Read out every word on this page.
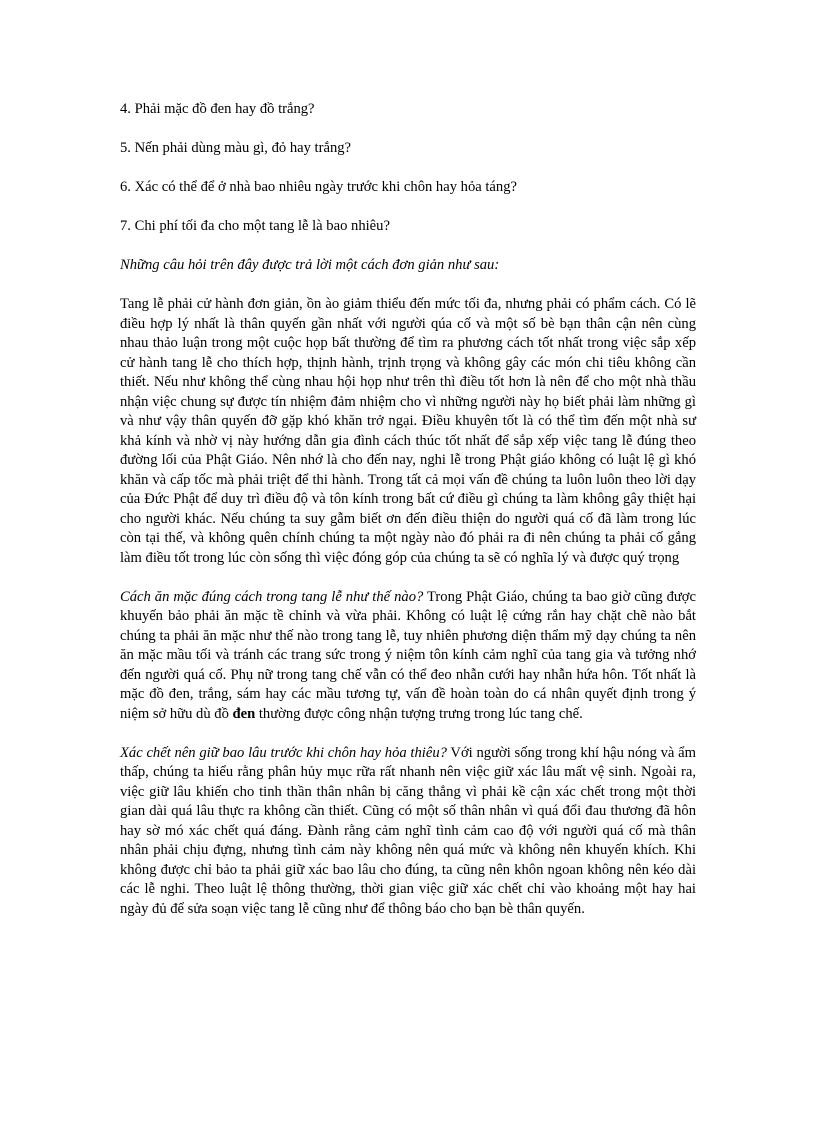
4. Phải mặc đồ đen hay đồ trắng?

5. Nến phải dùng màu gì, đỏ hay trắng?

6. Xác có thể để ở nhà bao nhiêu ngày trước khi chôn hay hỏa táng?

7. Chi phí tối đa cho một tang lễ là bao nhiêu?

Những câu hỏi trên đây được trả lời một cách đơn giản như sau:

Tang lễ phải cử hành đơn giản, ồn ào giảm thiểu đến mức tối đa, nhưng phải có phẩm cách. Có lẽ điều hợp lý nhất là thân quyến gần nhất với người qúa cố và một số bè bạn thân cận nên cùng nhau thảo luận trong một cuộc họp bất thường để tìm ra phương cách tốt nhất trong việc sắp xếp cử hành tang lễ cho thích hợp, thịnh hành, trịnh trọng và không gây các món chi tiêu không cần thiết. Nếu như không thể cùng nhau hội họp như trên thì điều tốt hơn là nên để cho một nhà thầu nhận việc chung sự được tín nhiệm đảm nhiệm cho vì những người này họ biết phải làm những gì và như vậy thân quyến đỡ gặp khó khăn trở ngại. Điều khuyên tốt là có thể tìm đến một nhà sư khả kính và nhờ vị này hướng dẫn gia đình cách thúc tốt nhất để sắp xếp việc tang lễ đúng theo đường lối của Phật Giáo. Nên nhớ là cho đến nay, nghi lễ trong Phật giáo không có luật lệ gì khó khăn và cấp tốc mà phải triệt để thi hành. Trong tất cả mọi vấn đề chúng ta luôn luôn theo lời dạy của Đức Phật để duy trì điều độ và tôn kính trong bất cứ điều gì chúng ta làm không gây thiệt hại cho người khác. Nếu chúng ta suy gẫm biết ơn đến điều thiện do người quá cố đã làm trong lúc còn tại thế, và không quên chính chúng ta một ngày nào đó phải ra đi nên chúng ta phải cố gắng làm điều tốt trong lúc còn sống thì việc đóng góp của chúng ta sẽ có nghĩa lý và được quý trọng

Cách ăn mặc đúng cách trong tang lễ như thế nào? Trong Phật Giáo, chúng ta bao giờ cũng được khuyến bảo phải ăn mặc tề chỉnh và vừa phải. Không có luật lệ cứng rắn hay chặt chẽ nào bắt chúng ta phải ăn mặc như thế nào trong tang lễ, tuy nhiên phương diện thẩm mỹ dạy chúng ta nên ăn mặc mầu tối và tránh các trang sức trong ý niệm tôn kính cảm nghĩ của tang gia và tưởng nhớ đến người quá cố. Phụ nữ trong tang chế vẫn có thể đeo nhẫn cưới hay nhẫn hứa hôn. Tốt nhất là mặc đồ đen, trắng, sám hay các mầu tương tự, vấn đề hoàn toàn do cá nhân quyết định trong ý niệm sở hữu dù đồ đen thường được công nhận tượng trưng trong lúc tang chế.

Xác chết nên giữ bao lâu trước khi chôn hay hỏa thiêu? Với người sống trong khí hậu nóng và ẩm thấp, chúng ta hiểu rằng phân hủy mục rữa rất nhanh nên việc giữ xác lâu mất vệ sinh. Ngoài ra, việc giữ lâu khiến cho tinh thần thân nhân bị căng thẳng vì phải kề cận xác chết trong một thời gian dài quá lâu thực ra không cần thiết. Cũng có một số thân nhân vì quá đổi đau thương đã hôn hay sờ mó xác chết quá đáng. Đành rằng cảm nghĩ tình cảm cao độ với người quá cố mà thân nhân phải chịu đựng, nhưng tình cảm này không nên quá mức và không nên khuyến khích. Khi không được chỉ bảo ta phải giữ xác bao lâu cho đúng, ta cũng nên khôn ngoan không nên kéo dài các lễ nghi. Theo luật lệ thông thường, thời gian việc giữ xác chết chỉ vào khoảng một hay hai ngày đủ để sửa soạn việc tang lễ cũng như để thông báo cho bạn bè thân quyến.
